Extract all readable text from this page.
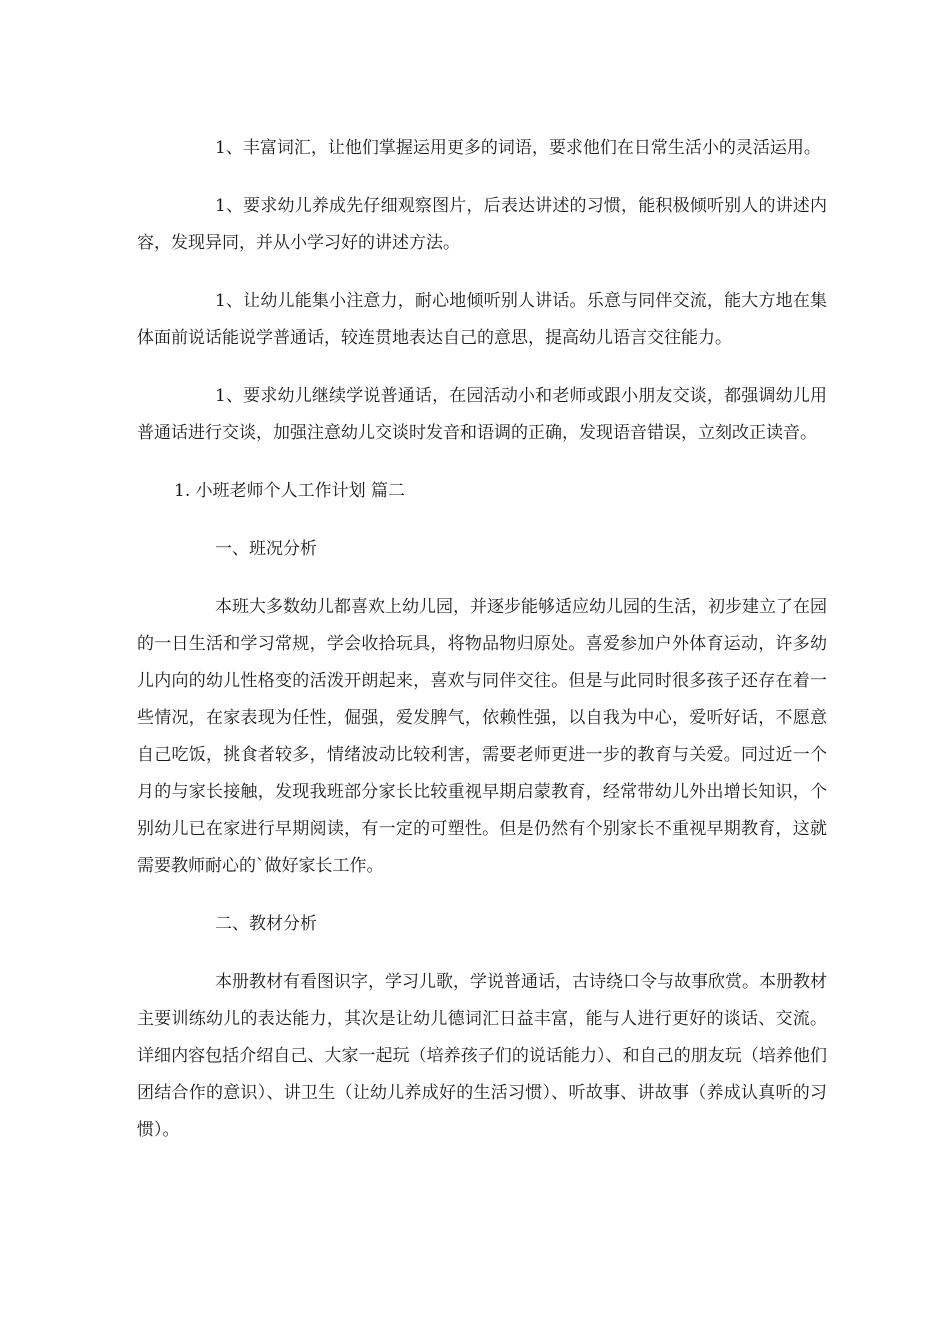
1、丰富词汇，让他们掌握运用更多的词语，要求他们在日常生活小的灵活运用。

1、要求幼儿养成先仔细观察图片，后表达讲述的习惯，能积极倾听别人的讲述内容，发现异同，并从小学习好的讲述方法。

1、让幼儿能集小注意力，耐心地倾听别人讲话。乐意与同伴交流，能大方地在集体面前说话能说学普通话，较连贯地表达自己的意思，提高幼儿语言交往能力。

1、要求幼儿继续学说普通话，在园活动小和老师或跟小朋友交谈，都强调幼儿用普通话进行交谈，加强注意幼儿交谈时发音和语调的正确，发现语音错误，立刻改正读音。

1. 小班老师个人工作计划 篇二

一、班况分析

本班大多数幼儿都喜欢上幼儿园，并逐步能够适应幼儿园的生活，初步建立了在园的一日生活和学习常规，学会收拾玩具，将物品物归原处。喜爱参加户外体育运动，许多幼儿内向的幼儿性格变的活泼开朗起来，喜欢与同伴交往。但是与此同时很多孩子还存在着一些情况，在家表现为任性，倔强，爱发脾气，依赖性强，以自我为中心，爱听好话，不愿意自己吃饭，挑食者较多，情绪波动比较利害，需要老师更进一步的教育与关爱。同过近一个月的与家长接触，发现我班部分家长比较重视早期启蒙教育，经常带幼儿外出增长知识，个别幼儿已在家进行早期阅读，有一定的可塑性。但是仍然有个别家长不重视早期教育，这就需要教师耐心的`做好家长工作。

二、教材分析

本册教材有看图识字，学习儿歌，学说普通话，古诗绕口令与故事欣赏。本册教材主要训练幼儿的表达能力，其次是让幼儿德词汇日益丰富，能与人进行更好的谈话、交流。详细内容包括介绍自己、大家一起玩（培养孩子们的说话能力）、和自己的朋友玩（培养他们团结合作的意识）、讲卫生（让幼儿养成好的生活习惯）、听故事、讲故事（养成认真听的习惯）。
